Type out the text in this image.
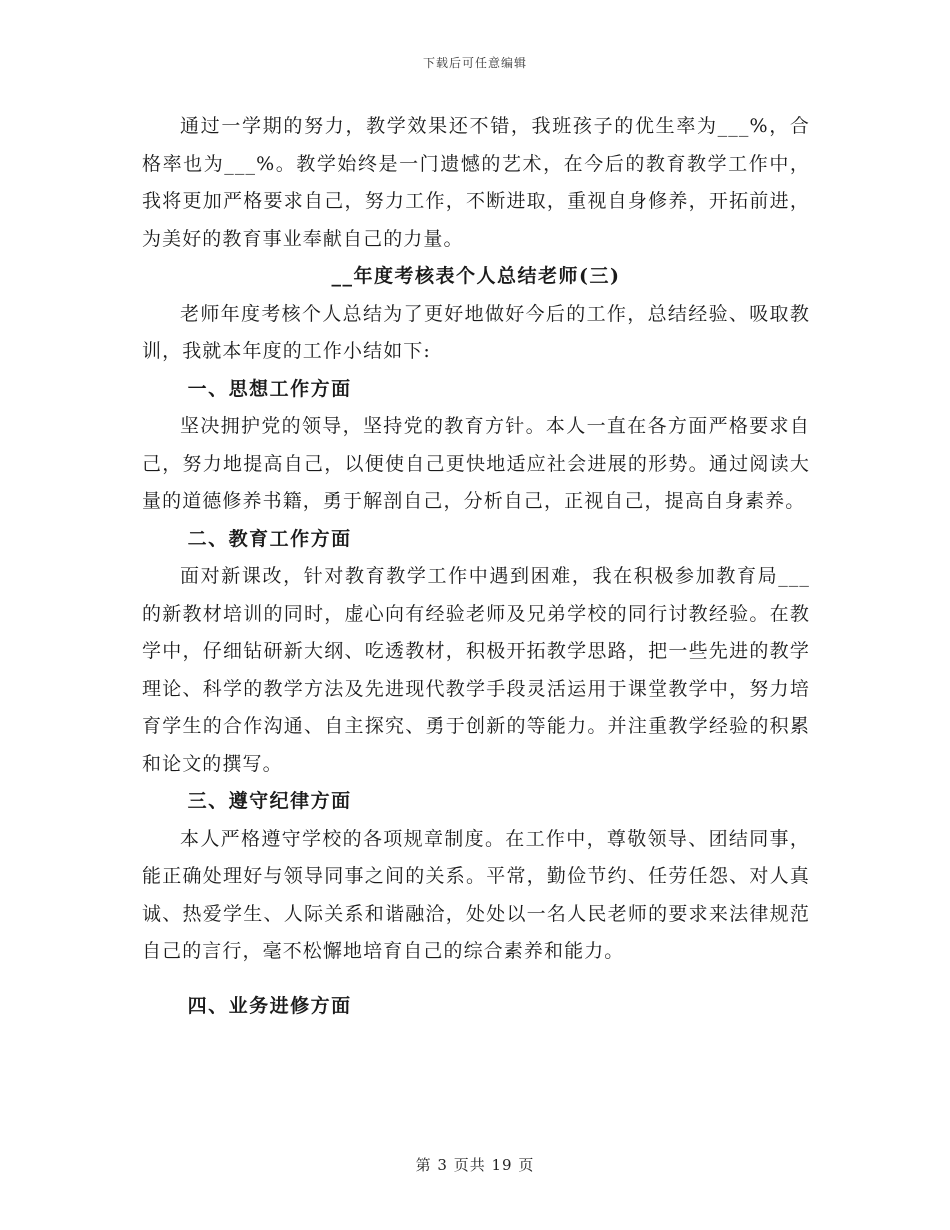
下载后可任意编辑

通过一学期的努力，教学效果还不错，我班孩子的优生率为___%，合格率也为___%。教学始终是一门遗憾的艺术，在今后的教育教学工作中，我将更加严格要求自己，努力工作，不断进取，重视自身修养，开拓前进，为美好的教育事业奉献自己的力量。

__年度考核表个人总结老师(三)

老师年度考核个人总结为了更好地做好今后的工作，总结经验、吸取教训，我就本年度的工作小结如下:

一、思想工作方面

坚决拥护党的领导，坚持党的教育方针。本人一直在各方面严格要求自己，努力地提高自己，以便使自己更快地适应社会进展的形势。通过阅读大量的道德修养书籍，勇于解剖自己，分析自己，正视自己，提高自身素养。

二、教育工作方面

面对新课改，针对教育教学工作中遇到困难，我在积极参加教育局___的新教材培训的同时，虚心向有经验老师及兄弟学校的同行讨教经验。在教学中，仔细钻研新大纲、吃透教材，积极开拓教学思路，把一些先进的教学理论、科学的教学方法及先进现代教学手段灵活运用于课堂教学中，努力培育学生的合作沟通、自主探究、勇于创新的等能力。并注重教学经验的积累和论文的撰写。

三、遵守纪律方面

本人严格遵守学校的各项规章制度。在工作中，尊敬领导、团结同事，能正确处理好与领导同事之间的关系。平常，勤俭节约、任劳任怨、对人真诚、热爱学生、人际关系和谐融洽，处处以一名人民老师的要求来法律规范自己的言行，毫不松懈地培育自己的综合素养和能力。

四、业务进修方面

第 3 页共 19 页
